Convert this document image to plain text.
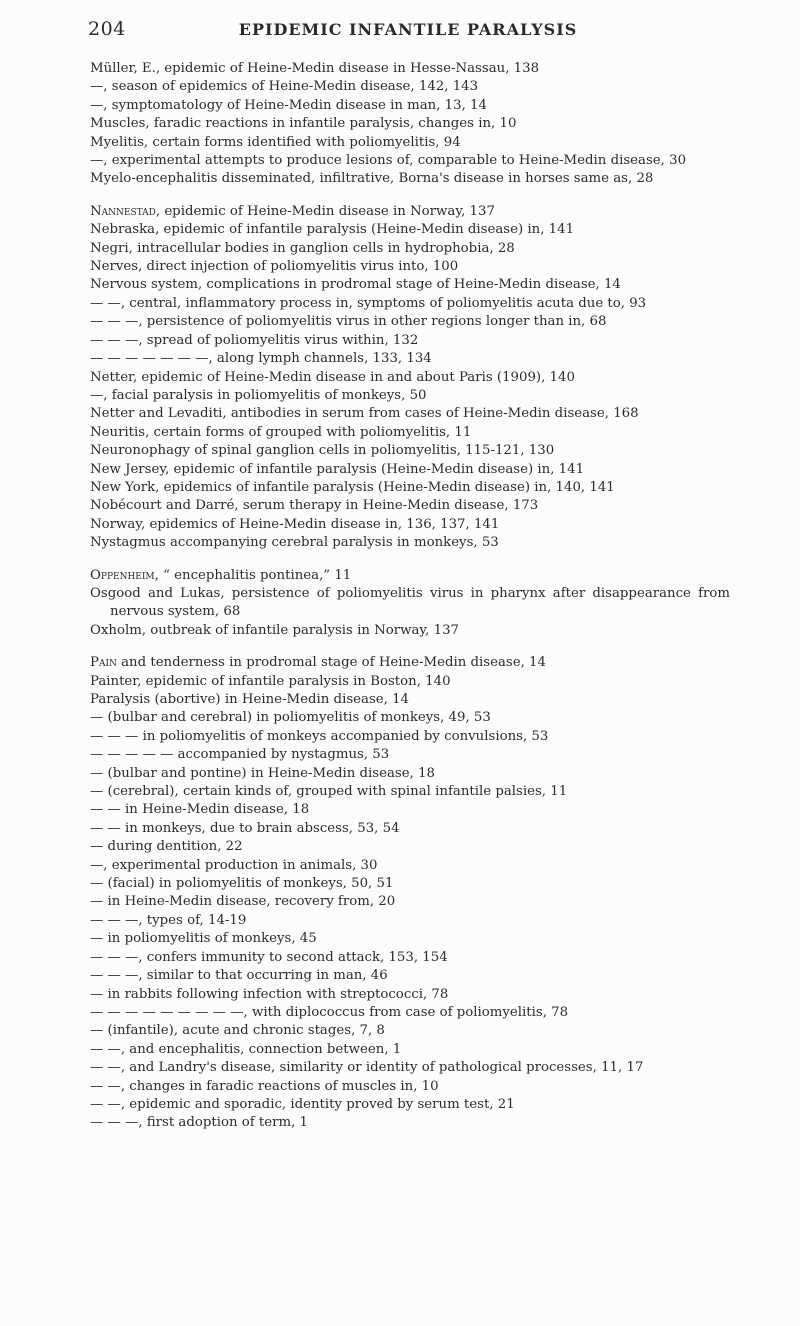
204	EPIDEMIC INFANTILE PARALYSIS
Müller, E., epidemic of Heine-Medin disease in Hesse-Nassau, 138
—, season of epidemics of Heine-Medin disease, 142, 143
—, symptomatology of Heine-Medin disease in man, 13, 14
Muscles, faradic reactions in infantile paralysis, changes in, 10
Myelitis, certain forms identified with poliomyelitis, 94
—, experimental attempts to produce lesions of, comparable to Heine-Medin disease, 30
Myelo-encephalitis disseminated, infiltrative, Borna's disease in horses same as, 28
Nannestad, epidemic of Heine-Medin disease in Norway, 137
Nebraska, epidemic of infantile paralysis (Heine-Medin disease) in, 141
Negri, intracellular bodies in ganglion cells in hydrophobia, 28
Nerves, direct injection of poliomyelitis virus into, 100
Nervous system, complications in prodromal stage of Heine-Medin disease, 14
— —, central, inflammatory process in, symptoms of poliomyelitis acuta due to, 93
— — —, persistence of poliomyelitis virus in other regions longer than in, 68
— — —, spread of poliomyelitis virus within, 132
— — — — — — —, along lymph channels, 133, 134
Netter, epidemic of Heine-Medin disease in and about Paris (1909), 140
—, facial paralysis in poliomyelitis of monkeys, 50
Netter and Levaditi, antibodies in serum from cases of Heine-Medin disease, 168
Neuritis, certain forms of grouped with poliomyelitis, 11
Neuronophagy of spinal ganglion cells in poliomyelitis, 115-121, 130
New Jersey, epidemic of infantile paralysis (Heine-Medin disease) in, 141
New York, epidemics of infantile paralysis (Heine-Medin disease) in, 140, 141
Nobécourt and Darré, serum therapy in Heine-Medin disease, 173
Norway, epidemics of Heine-Medin disease in, 136, 137, 141
Nystagmus accompanying cerebral paralysis in monkeys, 53
Oppenheim, “ encephalitis pontinea,” 11
Osgood and Lukas, persistence of poliomyelitis virus in pharynx after disappearance from nervous system, 68
Oxholm, outbreak of infantile paralysis in Norway, 137
Pain and tenderness in prodromal stage of Heine-Medin disease, 14
Painter, epidemic of infantile paralysis in Boston, 140
Paralysis (abortive) in Heine-Medin disease, 14
— (bulbar and cerebral) in poliomyelitis of monkeys, 49, 53
— — — in poliomyelitis of monkeys accompanied by convulsions, 53
— — — — — accompanied by nystagmus, 53
— (bulbar and pontine) in Heine-Medin disease, 18
— (cerebral), certain kinds of, grouped with spinal infantile palsies, 11
— — in Heine-Medin disease, 18
— — in monkeys, due to brain abscess, 53, 54
— during dentition, 22
—, experimental production in animals, 30
— (facial) in poliomyelitis of monkeys, 50, 51
— in Heine-Medin disease, recovery from, 20
— — —, types of, 14-19
— in poliomyelitis of monkeys, 45
— — —, confers immunity to second attack, 153, 154
— — —, similar to that occurring in man, 46
— in rabbits following infection with streptococci, 78
— — — — — — — — —, with diplococcus from case of poliomyelitis, 78
— (infantile), acute and chronic stages, 7, 8
— —, and encephalitis, connection between, 1
— —, and Landry's disease, similarity or identity of pathological processes, 11, 17
— —, changes in faradic reactions of muscles in, 10
— —, epidemic and sporadic, identity proved by serum test, 21
— — —, first adoption of term, 1
